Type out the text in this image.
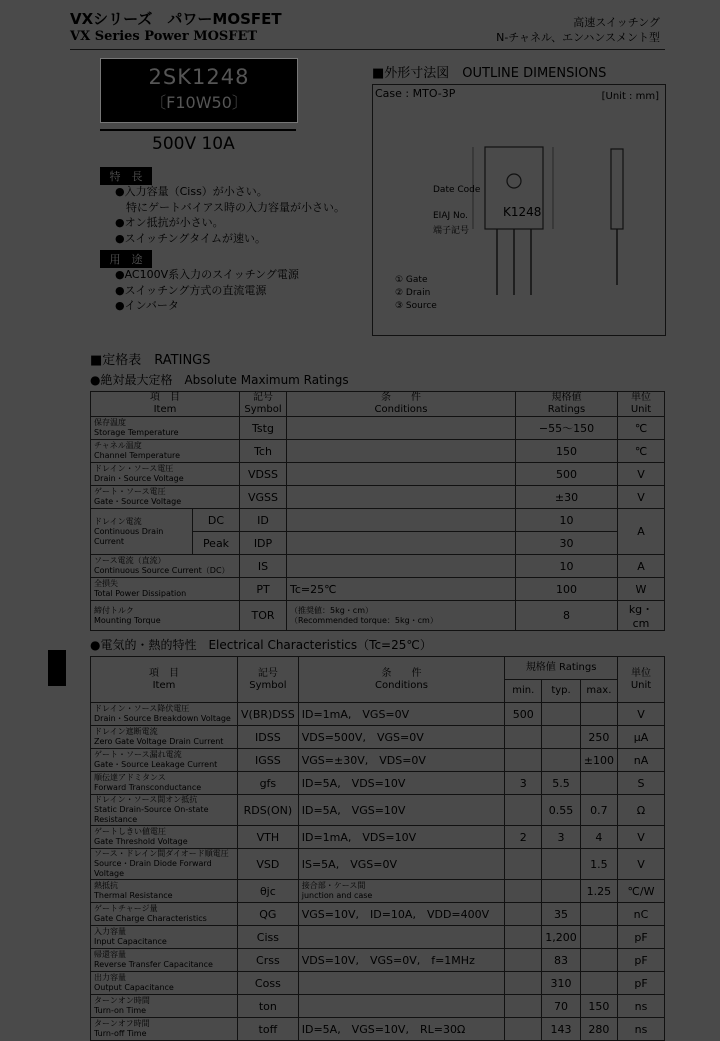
VXシリーズ　パワーMOSFET
VX Series Power MOSFET
高速スイッチング
N-チャネル、エンハンスメント型
2SK1248
〔F10W50〕
500V 10A
特　長
●入力容量（Ciss）が小さい。
　特にゲートバイアス時の入力容量が小さい。
●オン抵抗が小さい。
●スイッチングタイムが速い。
用　途
●AC100V系入力のスイッチング電源
●スイッチング方式の直流電源
●インバータ
■外形寸法図　OUTLINE DIMENSIONS
Case : MTO-3P	[Unit : mm]
K1248
Date Code
EIAJ No.
端子記号
① Gate
② Drain
③ Source
■定格表　RATINGS
●絶対最大定格　Absolute Maximum Ratings
項　目
Item		記号
Symbol	条　　件
Conditions	規格値
Ratings	単位
Unit
保存温度
Storage Temperature		Tstg		−55〜150	℃
チャネル温度
Channel Temperature		Tch		150	℃
ドレイン・ソース電圧
Drain・Source Voltage		VDSS		500	V
ゲート・ソース電圧
Gate・Source Voltage		VGSS		±30	V
ドレイン電流
Continuous Drain Current	DC	ID		10	A
	Peak	IDP		30	
ソース電流（直流）
Continuous Source Current（DC）		IS		10	A
全損失
Total Power Dissipation		PT	Tc=25℃	100	W
締付トルク
Mounting Torque		TOR	（推奨値：5kg・cm）
（Recommended torque：5kg・cm）	8	kg・cm
●電気的・熱的特性　Electrical Characteristics（Tc=25℃）
項　目
Item	記号
Symbol	条　　件
Conditions	規格値 Ratings			単位
Unit
			min.	typ.	max.	
ドレイン・ソース降伏電圧
Drain・Source Breakdown Voltage	V(BR)DSS	ID=1mA,　VGS=0V	500			V
ドレイン遮断電流
Zero Gate Voltage Drain Current	IDSS	VDS=500V,　VGS=0V			250	μA
ゲート・ソース漏れ電流
Gate・Source Leakage Current	IGSS	VGS=±30V,　VDS=0V			±100	nA
順伝達アドミタンス
Forward Transconductance	gfs	ID=5A,　VDS=10V	3	5.5		S
ドレイン・ソース間オン抵抗
Static Drain-Source On-state Resistance	RDS(ON)	ID=5A,　VGS=10V		0.55	0.7	Ω
ゲートしきい値電圧
Gate Threshold Voltage	VTH	ID=1mA,　VDS=10V	2	3	4	V
ソース・ドレイン間ダイオード順電圧
Source・Drain Diode Forward Voltage	VSD	IS=5A,　VGS=0V			1.5	V
熱抵抗
Thermal Resistance	θjc	接合部・ケース間
junction and case			1.25	℃/W
ゲートチャージ量
Gate Charge Characteristics	QG	VGS=10V,　ID=10A,　VDD=400V		35		nC
入力容量
Input Capacitance	Ciss			1,200		pF
帰還容量
Reverse Transfer Capacitance	Crss	VDS=10V,　VGS=0V,　f=1MHz		83		pF
出力容量
Output Capacitance	Coss			310		pF
ターンオン時間
Turn-on Time	ton			70	150	ns
ターンオフ時間
Turn-off Time	toff	ID=5A,　VGS=10V,　RL=30Ω		143	280	ns
